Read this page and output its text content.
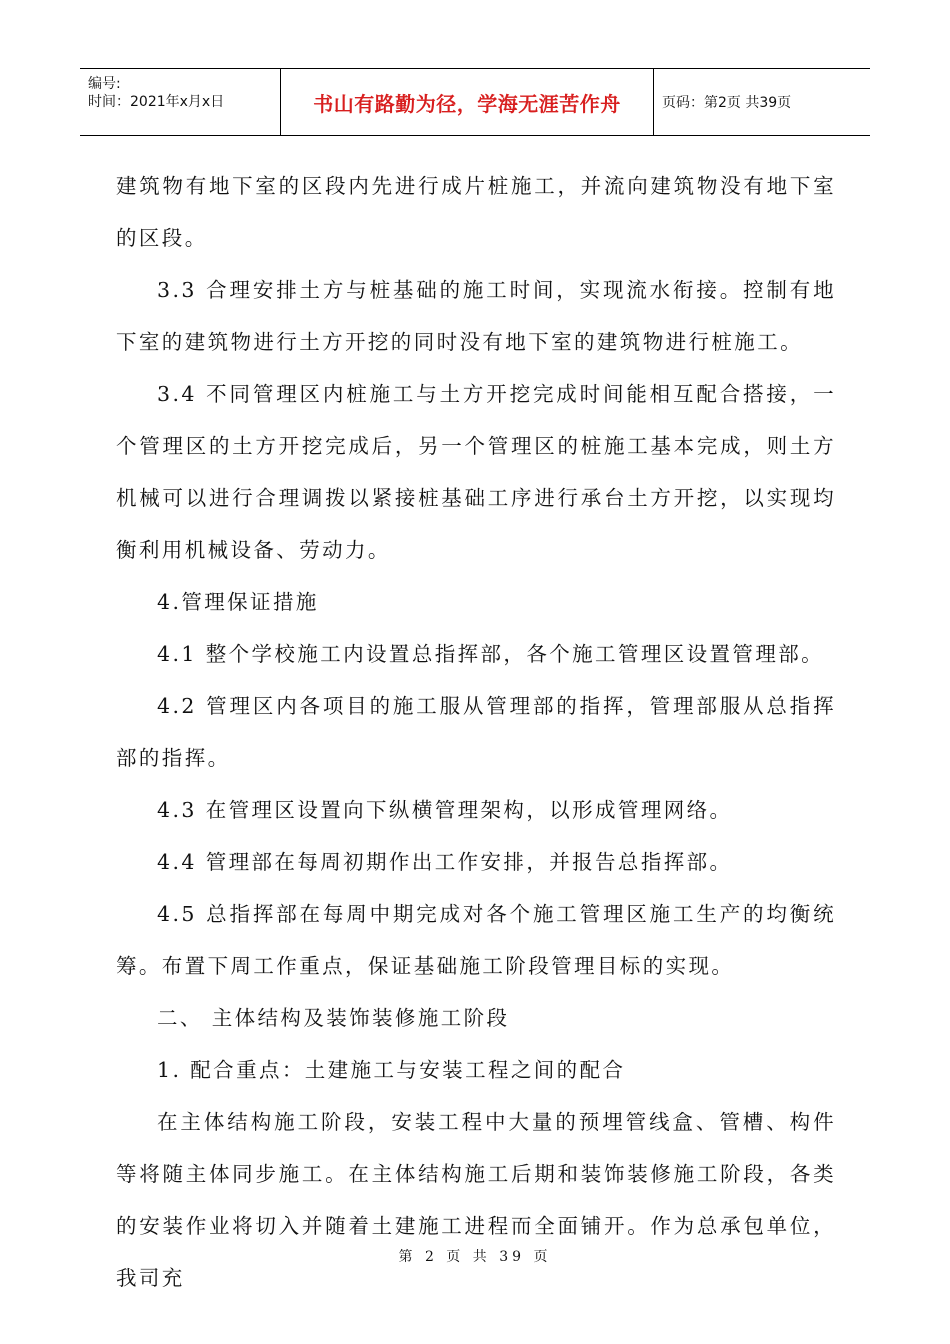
编号:
时间：2021年x月x日	书山有路勤为径，学海无涯苦作舟	页码：第2页 共39页

建筑物有地下室的区段内先进行成片桩施工，并流向建筑物没有地下室的区段。

3.3 合理安排土方与桩基础的施工时间，实现流水衔接。控制有地下室的建筑物进行土方开挖的同时没有地下室的建筑物进行桩施工。

3.4 不同管理区内桩施工与土方开挖完成时间能相互配合搭接，一个管理区的土方开挖完成后，另一个管理区的桩施工基本完成，则土方机械可以进行合理调拨以紧接桩基础工序进行承台土方开挖，以实现均衡利用机械设备、劳动力。

4.管理保证措施

4.1 整个学校施工内设置总指挥部，各个施工管理区设置管理部。

4.2 管理区内各项目的施工服从管理部的指挥，管理部服从总指挥部的指挥。

4.3 在管理区设置向下纵横管理架构，以形成管理网络。

4.4 管理部在每周初期作出工作安排，并报告总指挥部。

4.5 总指挥部在每周中期完成对各个施工管理区施工生产的均衡统筹。布置下周工作重点，保证基础施工阶段管理目标的实现。

二、 主体结构及装饰装修施工阶段

1. 配合重点：土建施工与安装工程之间的配合

在主体结构施工阶段，安装工程中大量的预埋管线盒、管槽、构件等将随主体同步施工。在主体结构施工后期和装饰装修施工阶段，各类的安装作业将切入并随着土建施工进程而全面铺开。作为总承包单位，我司充

第 2 页 共 39 页
